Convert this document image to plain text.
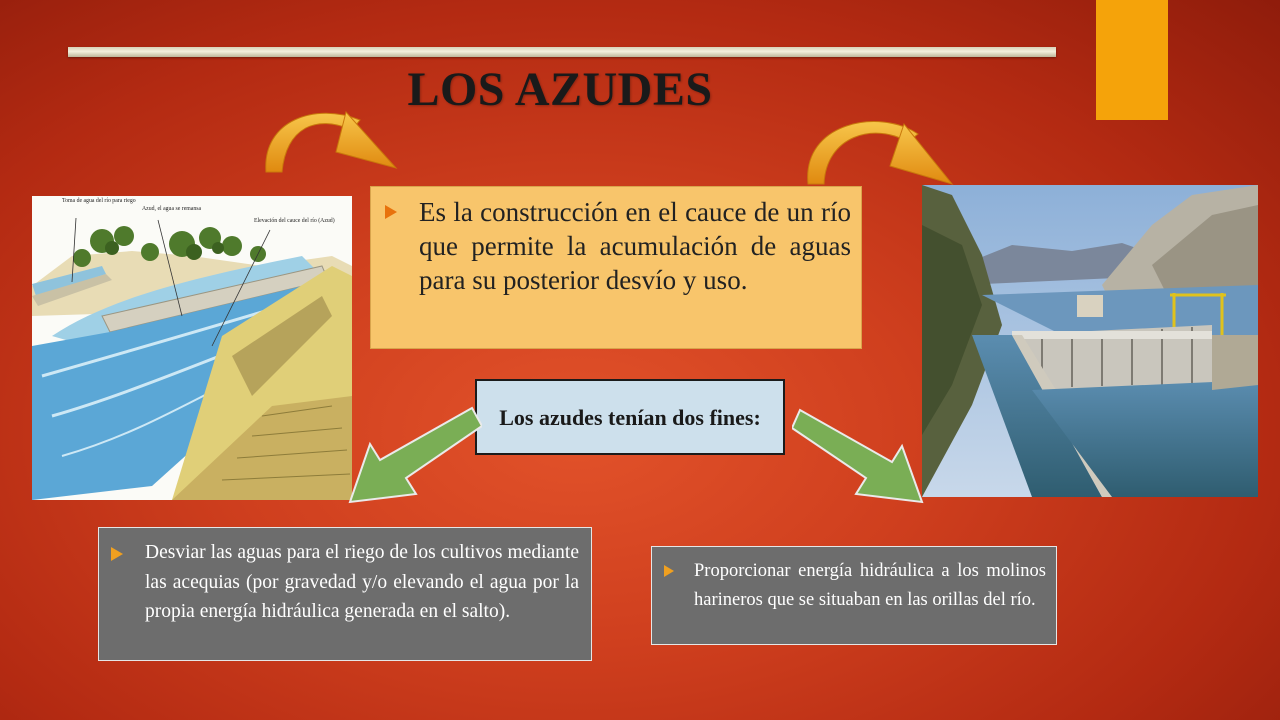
LOS AZUDES
Toma de agua del río para riego
Azud, el agua se remansa
Elevación del cauce del río (Azud)	Es la construcción en el cauce de un río que permite la acumulación de aguas para su posterior desvío y uso.

Los azudes tenían dos fines:

Desviar las aguas para el riego de los cultivos mediante las acequias (por gravedad y/o elevando el agua por la propia energía hidráulica generada en el salto).

Proporcionar energía hidráulica a los molinos harineros que se situaban en las orillas del río.
